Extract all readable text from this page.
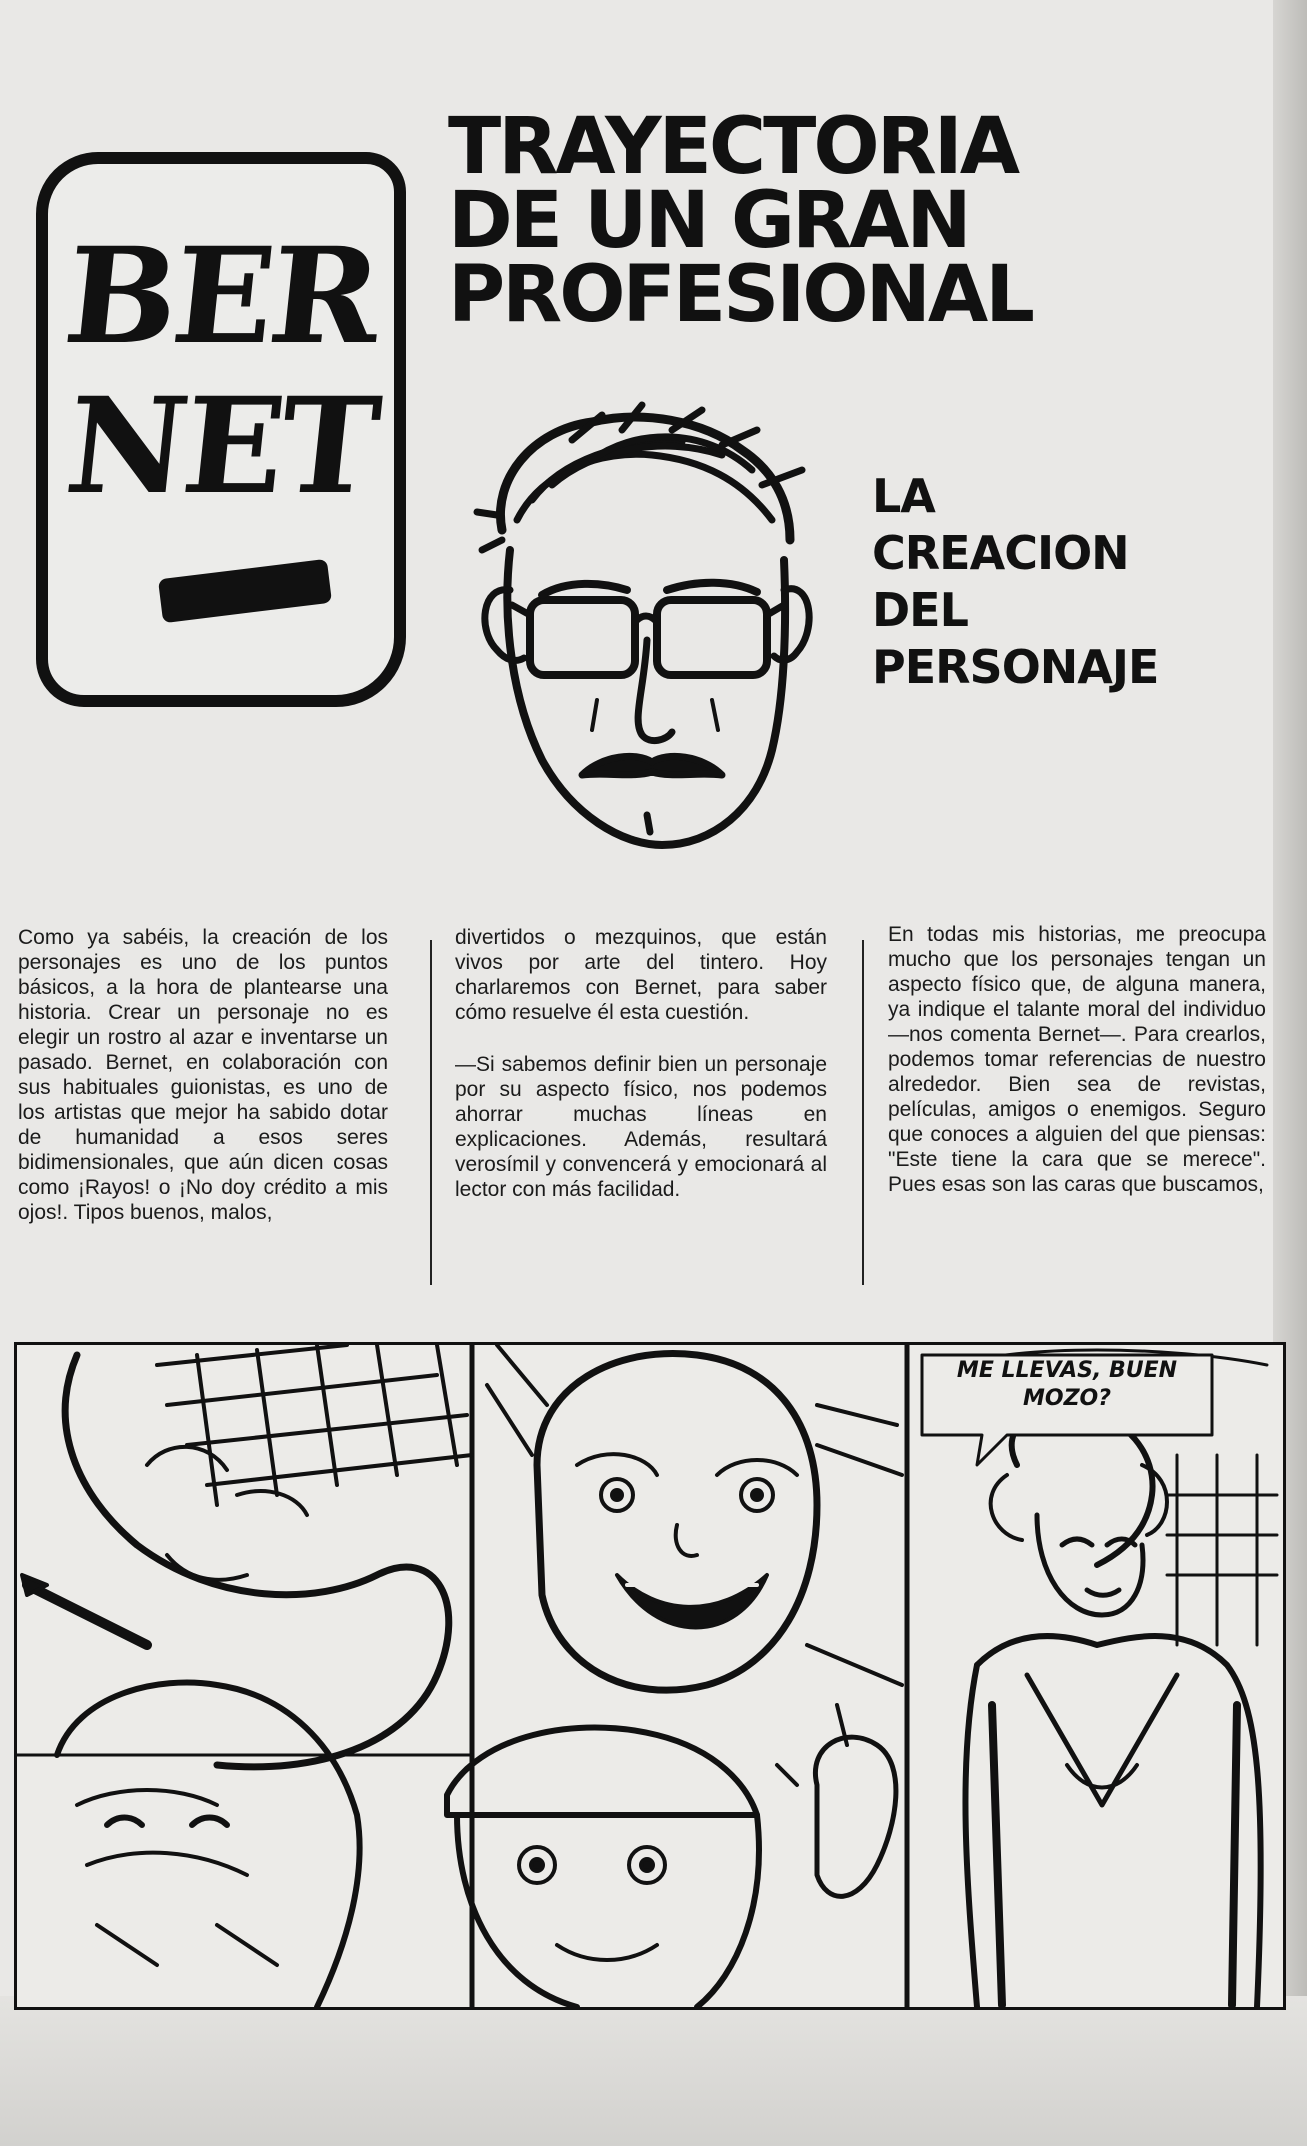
BER
NET
TRAYECTORIA
DE UN GRAN
PROFESIONAL
LA
CREACION
DEL
PERSONAJE

Como ya sabéis, la creación de los personajes es uno de los puntos básicos, a la hora de plantearse una historia. Crear un personaje no es elegir un rostro al azar e inventarse un pasado. Bernet, en colaboración con sus habituales guionistas, es uno de los artistas que mejor ha sabido dotar de humanidad a esos seres bidimensionales, que aún dicen cosas como ¡Rayos! o ¡No doy crédito a mis ojos!. Tipos buenos, malos,

divertidos o mezquinos, que están vivos por arte del tintero. Hoy charlaremos con Bernet, para saber cómo resuelve él esta cuestión.

—Si sabemos definir bien un personaje por su aspecto físico, nos podemos ahorrar muchas líneas en explicaciones. Además, resultará verosímil y convencerá y emocionará al lector con más facilidad.

En todas mis historias, me preocupa mucho que los personajes tengan un aspecto físico que, de alguna manera, ya indique el talante moral del individuo —nos comenta Bernet—. Para crearlos, podemos tomar referencias de nuestro alrededor. Bien sea de revistas, películas, amigos o enemigos. Seguro que conoces a alguien del que piensas: "Este tiene la cara que se merece". Pues esas son las caras que buscamos,

ME LLEVAS, BUEN
MOZO?
